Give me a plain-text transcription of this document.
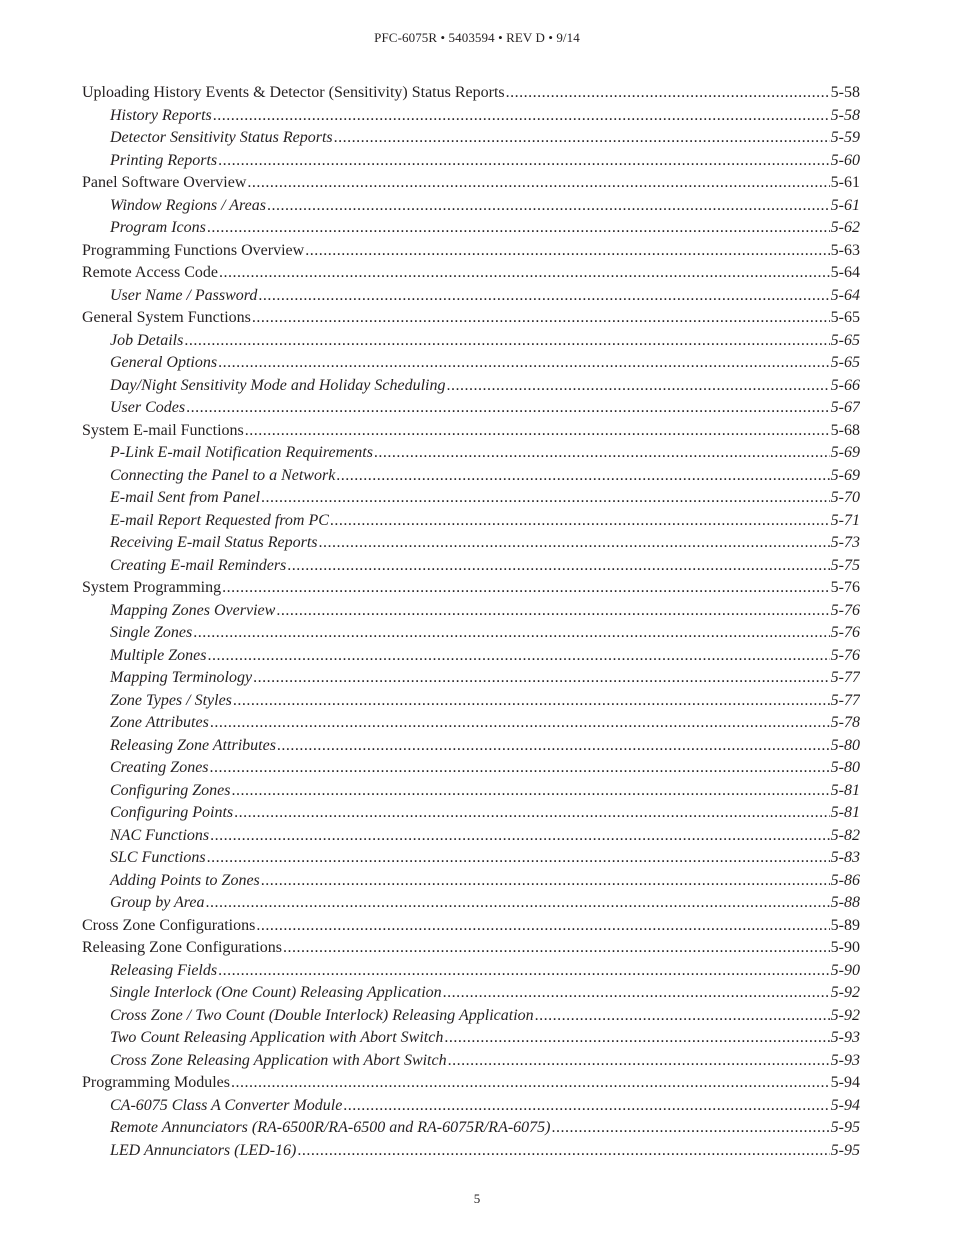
PFC-6075R • 5403594 • REV D • 9/14
Uploading History Events & Detector (Sensitivity) Status Reports .....	5-58
History Reports .....	5-58
Detector Sensitivity Status Reports .....	5-59
Printing Reports .....	5-60
Panel Software Overview .....	5-61
Window Regions / Areas .....	5-61
Program Icons .....	5-62
Programming Functions Overview .....	5-63
Remote Access Code .....	5-64
User Name / Password .....	5-64
General System Functions .....	5-65
Job Details .....	5-65
General Options .....	5-65
Day/Night Sensitivity Mode and Holiday Scheduling .....	5-66
User Codes .....	5-67
System E-mail Functions .....	5-68
P-Link E-mail Notification Requirements .....	5-69
Connecting the Panel to a Network .....	5-69
E-mail Sent from Panel .....	5-70
E-mail Report Requested from PC .....	5-71
Receiving E-mail Status Reports .....	5-73
Creating E-mail Reminders .....	5-75
System Programming .....	5-76
Mapping Zones Overview .....	5-76
Single Zones .....	5-76
Multiple Zones .....	5-76
Mapping Terminology .....	5-77
Zone Types / Styles .....	5-77
Zone Attributes .....	5-78
Releasing Zone Attributes .....	5-80
Creating Zones .....	5-80
Configuring Zones .....	5-81
Configuring Points .....	5-81
NAC Functions .....	5-82
SLC Functions .....	5-83
Adding Points to Zones .....	5-86
Group by Area .....	5-88
Cross Zone Configurations .....	5-89
Releasing Zone Configurations .....	5-90
Releasing Fields .....	5-90
Single Interlock (One Count) Releasing Application .....	5-92
Cross Zone / Two Count (Double Interlock) Releasing Application .....	5-92
Two Count Releasing Application with Abort Switch .....	5-93
Cross Zone Releasing Application with Abort Switch .....	5-93
Programming Modules .....	5-94
CA-6075 Class A Converter Module .....	5-94
Remote Annunciators (RA-6500R/RA-6500 and RA-6075R/RA-6075) .....	5-95
LED Annunciators (LED-16) .....	5-95
5
